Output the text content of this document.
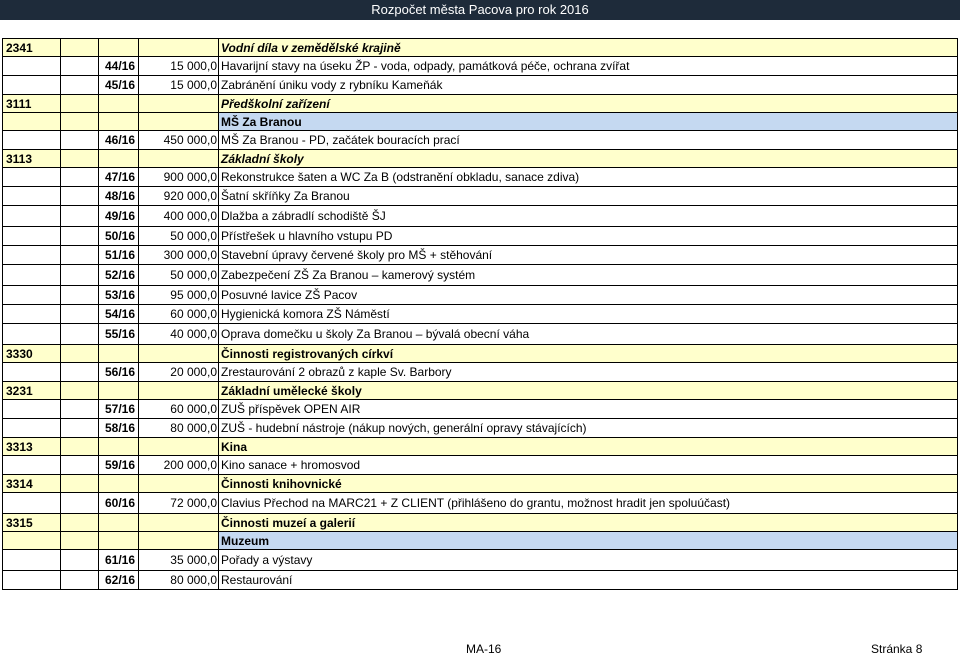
Rozpočet města Pacova pro rok 2016
2341				Vodní díla v zemědělské krajině
		44/16	15 000,0	Havarijní stavy na úseku ŽP - voda, odpady, památková péče, ochrana zvířat
		45/16	15 000,0	Zabránění úniku vody z rybníku Kameňák
3111				Předškolní zařízení
				MŠ Za Branou
		46/16	450 000,0	MŠ Za Branou - PD, začátek bouracích prací
3113				Základní školy
		47/16	900 000,0	Rekonstrukce šaten a WC Za B (odstranění obkladu, sanace zdiva)
		48/16	920 000,0	Šatní skříňky Za Branou
		49/16	400 000,0	Dlažba a zábradlí schodiště ŠJ
		50/16	50 000,0	Přístřešek u hlavního vstupu PD
		51/16	300 000,0	Stavební úpravy červené školy pro MŠ + stěhování
		52/16	50 000,0	Zabezpečení ZŠ Za Branou – kamerový systém
		53/16	95 000,0	Posuvné lavice ZŠ Pacov
		54/16	60 000,0	Hygienická komora ZŠ Náměstí
		55/16	40 000,0	Oprava domečku u školy Za Branou – bývalá obecní váha
3330				Činnosti registrovaných církví
		56/16	20 000,0	Zrestaurování 2 obrazů z kaple Sv. Barbory
3231				Základní umělecké školy
		57/16	60 000,0	ZUŠ příspěvek OPEN AIR
		58/16	80 000,0	ZUŠ - hudební nástroje (nákup nových, generální opravy stávajících)
3313				Kina
		59/16	200 000,0	Kino sanace + hromosvod
3314				Činnosti knihovnické
		60/16	72 000,0	Clavius Přechod na MARC21 + Z CLIENT (přihlášeno do grantu, možnost hradit jen spoluúčast)
3315				Činnosti muzeí a galerií
				Muzeum
		61/16	35 000,0	Pořady a výstavy
		62/16	80 000,0	Restaurování
MA-16	Stránka 8
